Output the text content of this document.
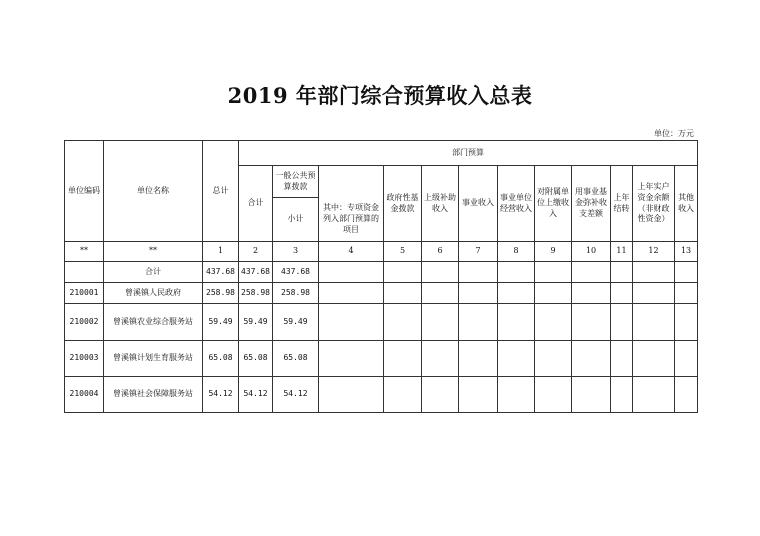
2019 年部门综合预算收入总表
单位：万元
单位编码	单位名称	总计	部门预算											
			合计	一般公共预算拨款		政府性基金拨款	上级补助收入	事业收入	事业单位经营收入	对附属单位上缴收入	用事业基金弥补收支差额	上年结转	上年实户资金余额（非财政性资金）	其他收入
				小计	其中：专项资金列入部门预算的项目									
**	**	1	2	3	4	5	6	7	8	9	10	11	12	13
	合计	437.68	437.68	437.68										
210001	曾溪镇人民政府	258.98	258.98	258.98										
210002	曾溪镇农业综合服务站	59.49	59.49	59.49										
210003	曾溪镇计划生育服务站	65.08	65.08	65.08										
210004	曾溪镇社会保障服务站	54.12	54.12	54.12										
